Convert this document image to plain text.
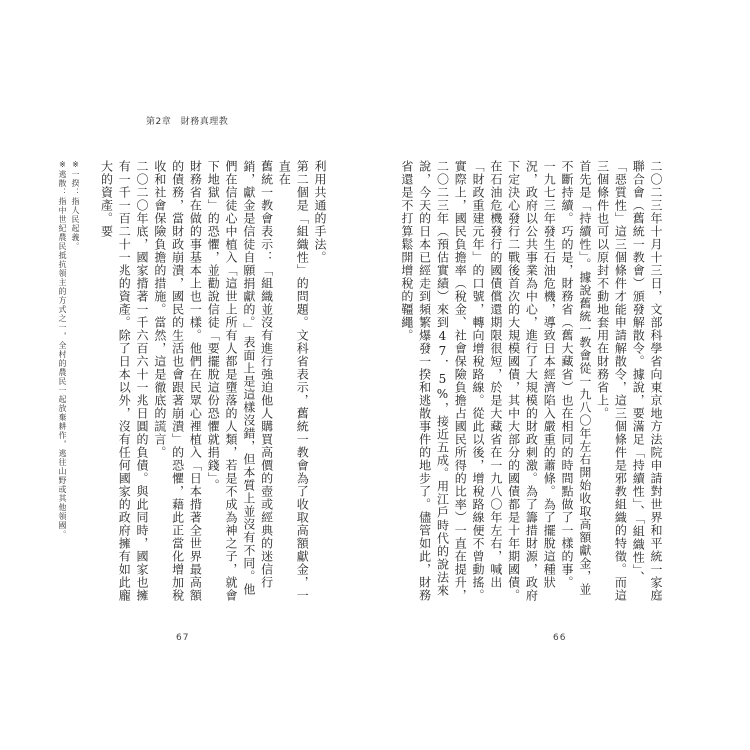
第2章　財務真理教

利用共通的手法。

第二個是「組織性」的問題。文科省表示，舊統一教會為了收取高額獻金，一直在

舊統一教會表示：「組織並沒有進行強迫他人購買高價的壺或經典的迷信行銷，獻金是信徒自願捐獻的。」表面上是這樣沒錯，但本質上並沒有不同。他們在信徒心中植入「這世上所有人都是墮落的人類，若是不成為神之子，就會下地獄」的恐懼，並勸說信徒「要擺脫這份恐懼就捐錢」。

財務省在做的事基本上也一樣。他們在民眾心裡植入「日本揹著全世界最高額的債務，當財政崩潰，國民的生活也會跟著崩潰」的恐懼，藉此正當化增加稅收和社會保險負擔的措施。當然，這是徹底的謊言。

二〇二〇年底，國家揹著一千六百六十一兆日圓的負債。與此同時，國家也擁有一千一百二十一兆的資產。除了日本以外，沒有任何國家的政府擁有如此龐大的資產。要

※一揆：指人民起義。

※逃散：指中世紀農民抵抗領主的方式之一，全村的農民一起放棄耕作，逃往山野或其他領國。

67

二〇二三年十月十三日，文部科學省向東京地方法院申請對世界和平統一家庭聯合會（舊統一教會）頒發解散令。據說，要滿足「持續性」、「組織性」、「惡質性」這三個條件才能申請解散令，這三個條件是邪教組織的特徵。而這三個條件也可以原封不動地套用在財務省上。

首先是「持續性」。據說舊統一教會從一九八〇年左右開始收取高額獻金，並不斷持續。巧的是，財務省（舊大藏省）也在相同的時間點做了一樣的事。

一九七三年發生石油危機，導致日本經濟陷入嚴重的蕭條。為了擺脫這種狀況，政府以公共事業為中心，進行了大規模的財政刺激。為了籌措財源，政府下定決心發行二戰後首次的大規模國債，其中大部分的國債都是十年期國債。在石油危機發行的國債償還期限很短，於是大藏省在一九八〇年左右，喊出「財政重建元年」的口號，轉向增稅路線。從此以後，增稅路線便不曾動搖。實際上，國民負擔率（稅金、社會保險負擔占國民所得的比率）一直在提升，二〇二三年（預估實績）來到47．5%，接近五成。用江戶時代的說法來說，今天的日本已經走到頻繁爆發一揆和逃散事件的地步了。儘管如此，財務省還是不打算鬆開增稅的韁繩。

66
